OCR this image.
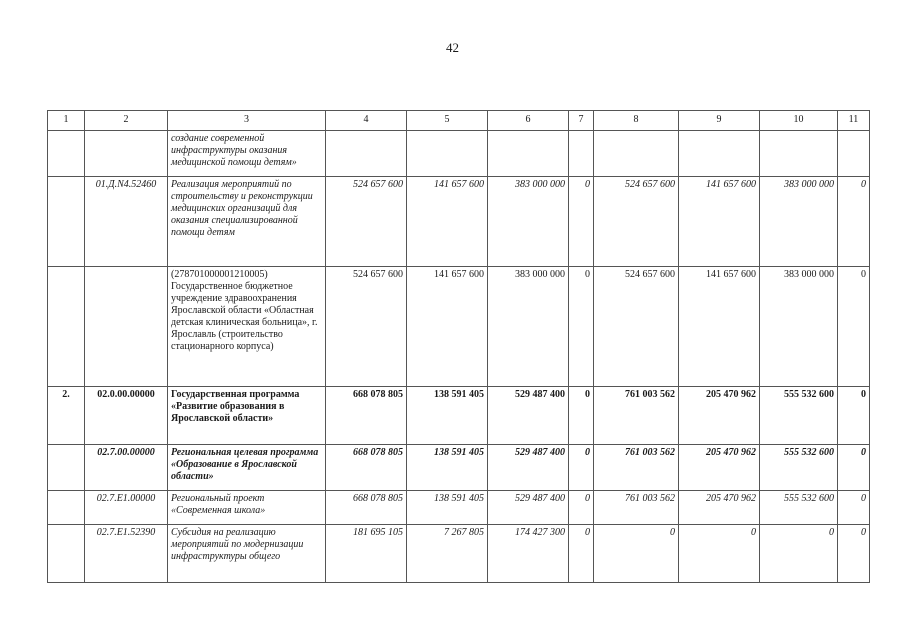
42
1	2	3	4	5	6	7	8	9	10	11
		создание современной инфраструктуры оказания медицинской помощи детям»								
	01.Д.N4.52460	Реализация мероприятий по строительству и реконструкции медицинских организаций для оказания специализированной помощи детям	524 657 600	141 657 600	383 000 000	0	524 657 600	141 657 600	383 000 000	0
		(278701000001210005) Государственное бюджетное учреждение здравоохранения Ярославской области «Областная детская клиническая больница», г. Ярославль (строительство стационарного корпуса)	524 657 600	141 657 600	383 000 000	0	524 657 600	141 657 600	383 000 000	0
2.	02.0.00.00000	Государственная программа «Развитие образования в Ярославской области»	668 078 805	138 591 405	529 487 400	0	761 003 562	205 470 962	555 532 600	0
	02.7.00.00000	Региональная целевая программа «Образование в Ярославской области»	668 078 805	138 591 405	529 487 400	0	761 003 562	205 470 962	555 532 600	0
	02.7.E1.00000	Региональный проект «Современная школа»	668 078 805	138 591 405	529 487 400	0	761 003 562	205 470 962	555 532 600	0
	02.7.E1.52390	Субсидия на реализацию мероприятий по модернизации инфраструктуры общего	181 695 105	7 267 805	174 427 300	0	0	0	0	0
